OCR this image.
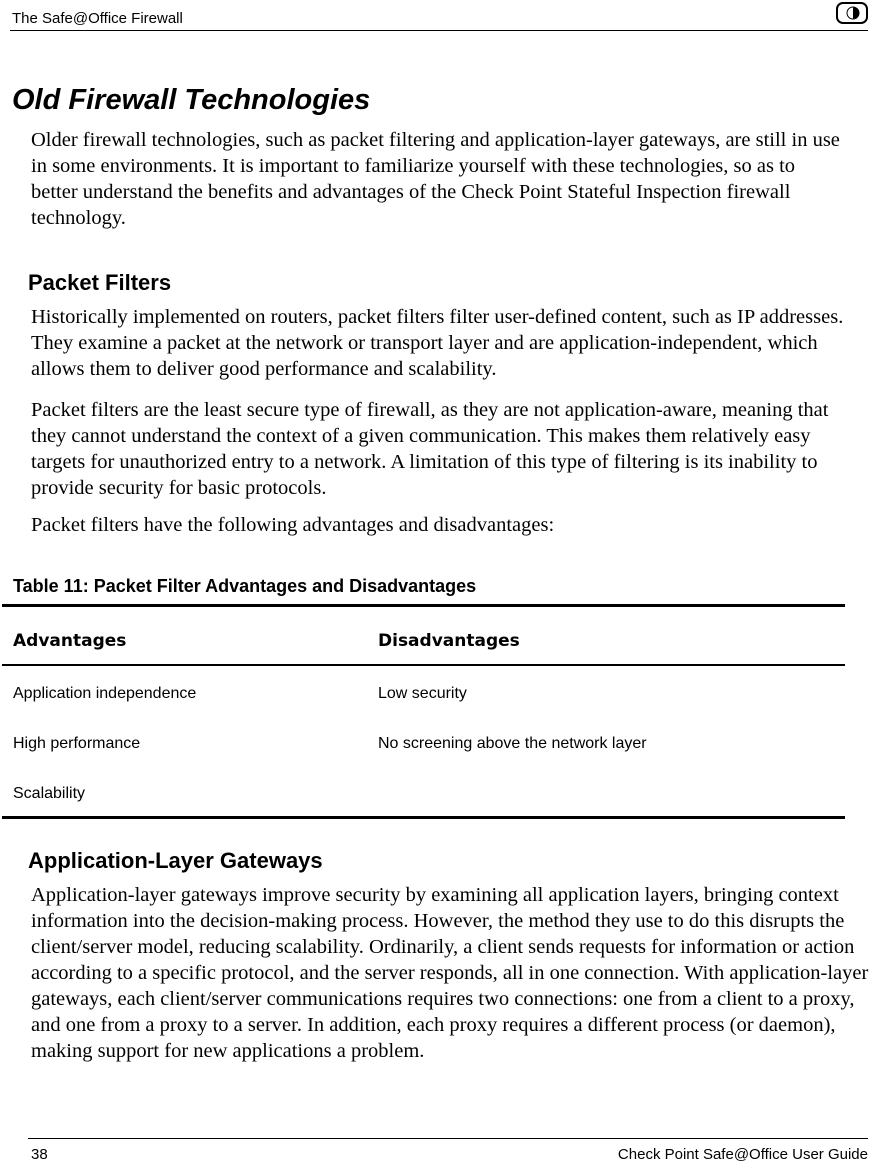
The Safe@Office Firewall
Old Firewall Technologies

Older firewall technologies, such as packet filtering and application-layer gateways, are still in use in some environments. It is important to familiarize yourself with these technologies, so as to better understand the benefits and advantages of the Check Point Stateful Inspection firewall technology.

Packet Filters

Historically implemented on routers, packet filters filter user-defined content, such as IP addresses. They examine a packet at the network or transport layer and are application-independent, which allows them to deliver good performance and scalability.

Packet filters are the least secure type of firewall, as they are not application-aware, meaning that they cannot understand the context of a given communication. This makes them relatively easy targets for unauthorized entry to a network. A limitation of this type of filtering is its inability to provide security for basic protocols.

Packet filters have the following advantages and disadvantages:

Table 11: Packet Filter Advantages and Disadvantages
Advantages	Disadvantages
Application independence	Low security
High performance	No screening above the network layer
Scalability
Application-Layer Gateways

Application-layer gateways improve security by examining all application layers, bringing context information into the decision-making process. However, the method they use to do this disrupts the client/server model, reducing scalability. Ordinarily, a client sends requests for information or action according to a specific protocol, and the server responds, all in one connection. With application-layer gateways, each client/server communications requires two connections: one from a client to a proxy, and one from a proxy to a server. In addition, each proxy requires a different process (or daemon), making support for new applications a problem.

38	Check Point Safe@Office User Guide
